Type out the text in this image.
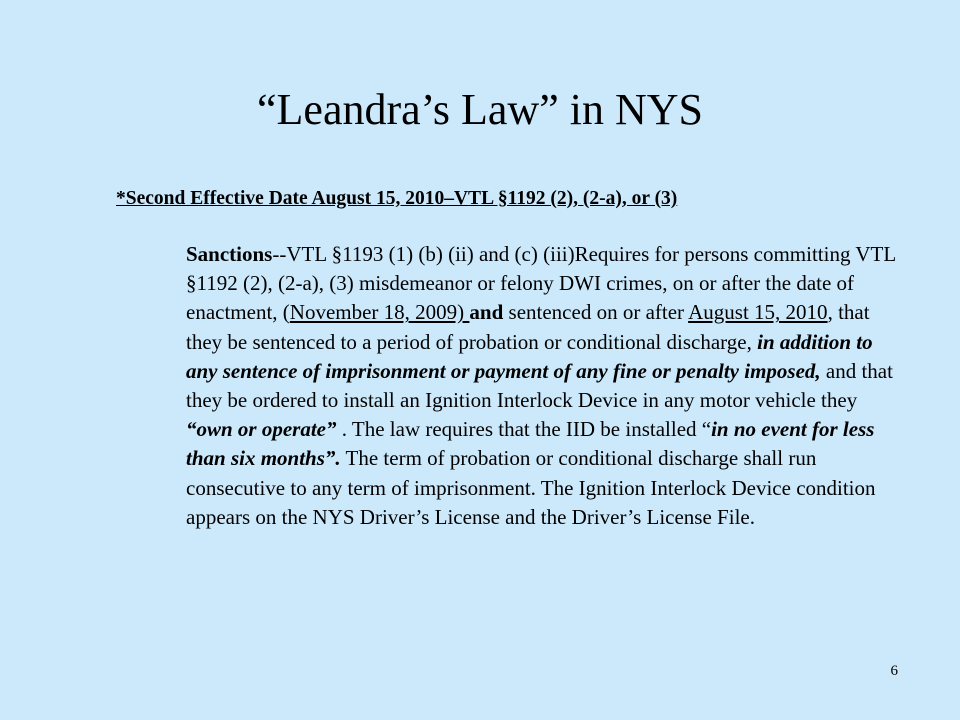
“Leandra’s Law” in NYS
*Second Effective Date August 15, 2010–VTL §1192 (2), (2-a), or (3)
Sanctions--VTL §1193 (1) (b) (ii) and (c) (iii)Requires for persons committing VTL §1192 (2), (2-a), (3) misdemeanor or felony DWI crimes, on or after the date of enactment, (November 18, 2009) and sentenced on or after August 15, 2010, that they be sentenced to a period of probation or conditional discharge, in addition to any sentence of imprisonment or payment of any fine or penalty imposed, and that they be ordered to install an Ignition Interlock Device in any motor vehicle they “own or operate” . The law requires that the IID be installed “in no event for less than six months”. The term of probation or conditional discharge shall run consecutive to any term of imprisonment. The Ignition Interlock Device condition appears on the NYS Driver’s License and the Driver’s License File.
6
